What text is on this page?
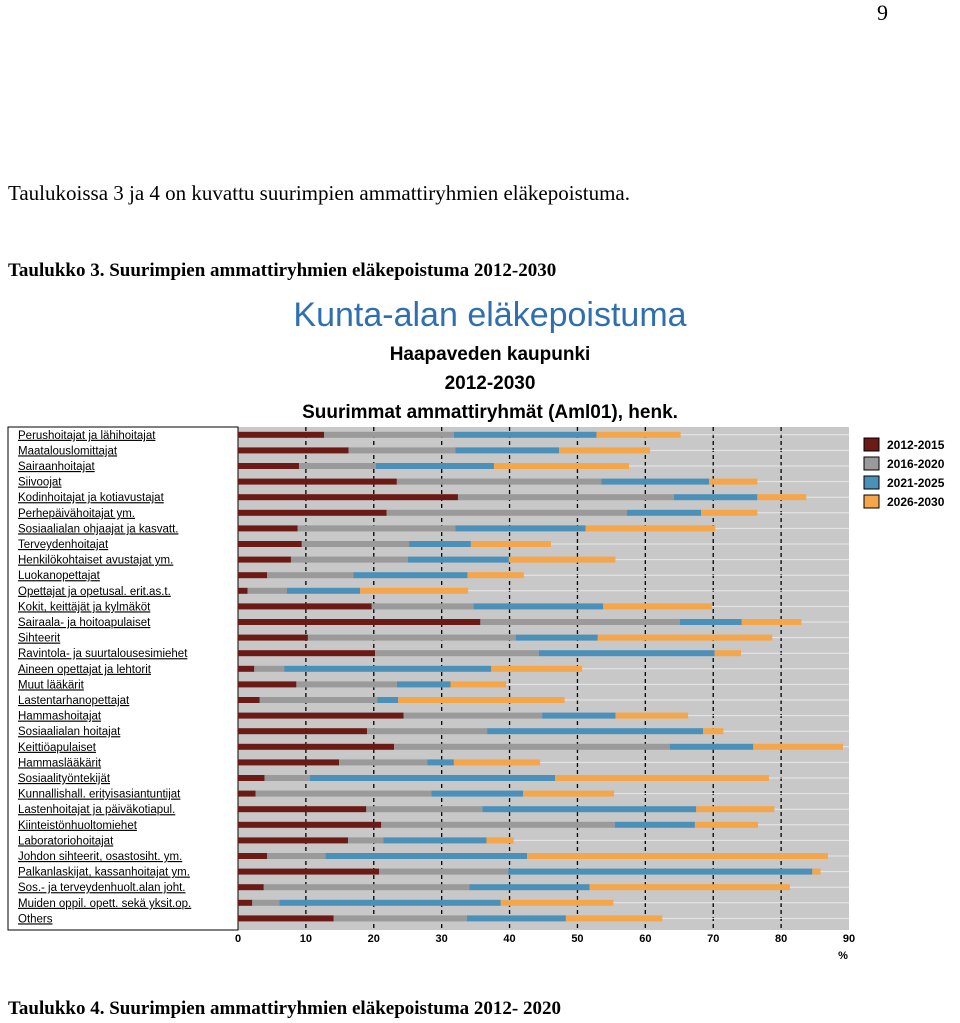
9
Taulukoissa 3 ja 4 on kuvattu suurimpien ammattiryhmien eläkepoistuma.
Taulukko 3. Suurimpien ammattiryhmien eläkepoistuma 2012-2030
Kunta-alan eläkepoistuma
Haapaveden kaupunki
2012-2030
Suurimmat ammattiryhmät (Aml01), henk.
Perushoitajat ja lähihoitajat
Maatalouslomittajat
Sairaanhoitajat
Siivoojat
Kodinhoitajat ja kotiavustajat
Perhepäivähoitajat ym.
Sosiaalialan ohjaajat ja kasvatt.
Terveydenhoitajat
Henkilökohtaiset avustajat ym.
Luokanopettajat
Opettajat ja opetusal. erit.as.t.
Kokit, keittäjät ja kylmäköt
Sairaala- ja hoitoapulaiset
Sihteerit
Ravintola- ja suurtalousesimiehet
Aineen opettajat ja lehtorit
Muut lääkärit
Lastentarhanopettajat
Hammashoitajat
Sosiaalialan hoitajat
Keittiöapulaiset
Hammaslääkärit
Sosiaalityöntekijät
Kunnallishall. erityisasiantuntijat
Lastenhoitajat ja päiväkotiapul.
Kiinteistönhuoltomiehet
Laboratoriohoitajat
Johdon sihteerit, osastosiht. ym.
Palkanlaskijat, kassanhoitajat ym.
Sos.- ja terveydenhuolt.alan joht.
Muiden oppil. opett. sekä yksit.op.
Others
0	10	20	30	40	50	60	70	80	90
%
2012-2015
2016-2020
2021-2025
2026-2030
Taulukko 4. Suurimpien ammattiryhmien eläkepoistuma 2012- 2020
